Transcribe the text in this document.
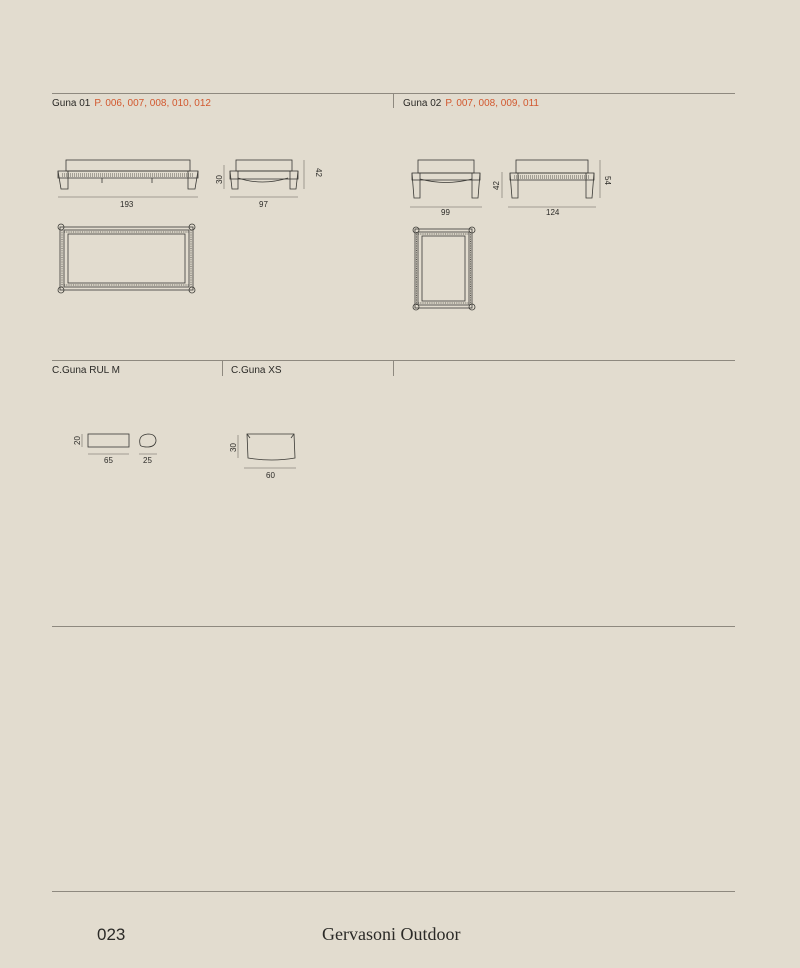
Guna 01 P. 006, 007, 008, 010, 012	Guna 02 P. 007, 008, 009, 011
193	97
30
42
99	124
42
54
C.Guna RUL M	C.Guna XS
20
65	25
30
60
023	Gervasoni Outdoor
